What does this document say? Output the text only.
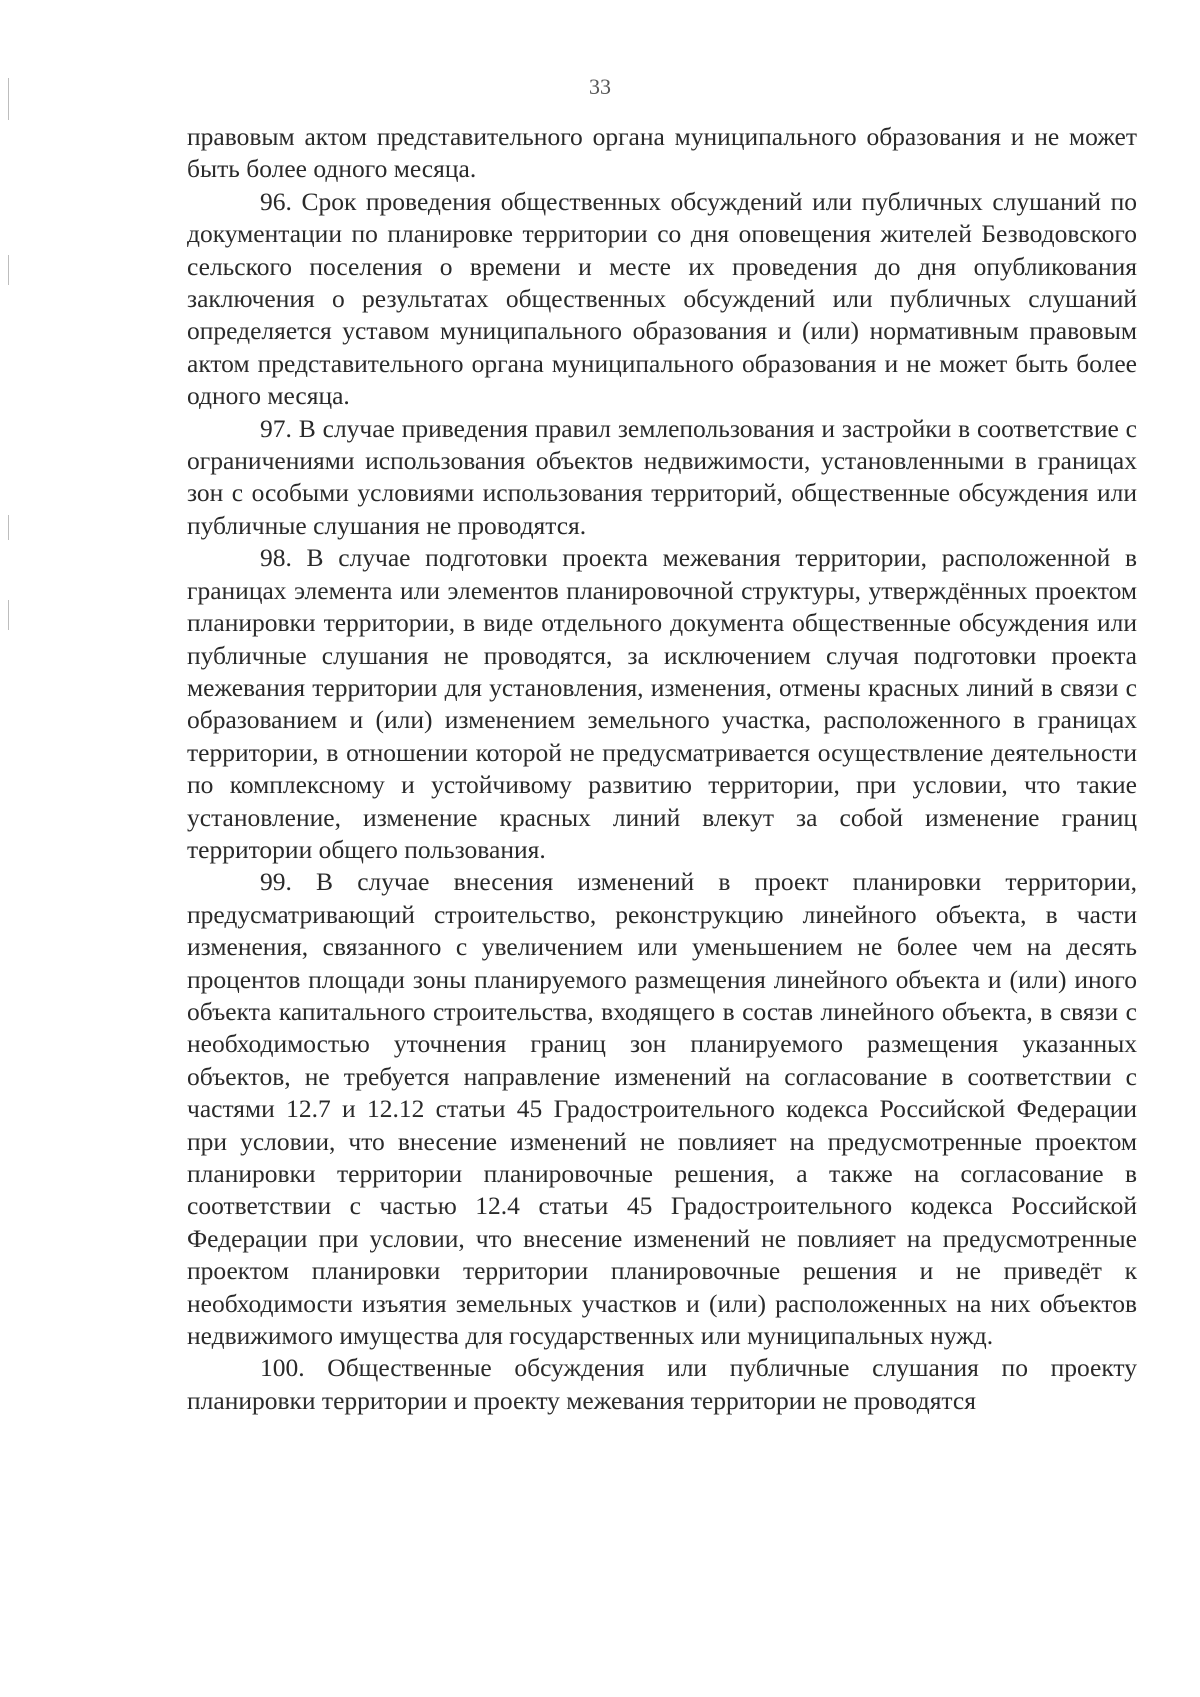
33

правовым актом представительного органа муниципального образования и не может быть более одного месяца.

96. Срок проведения общественных обсуждений или публичных слушаний по документации по планировке территории со дня оповещения жителей Безводовского сельского поселения о времени и месте их проведения до дня опубликования заключения о результатах общественных обсуждений или публичных слушаний определяется уставом муниципального образования и (или) нормативным правовым актом представительного органа муниципального образования и не может быть более одного месяца.

97. В случае приведения правил землепользования и застройки в соответствие с ограничениями использования объектов недвижимости, установленными в границах зон с особыми условиями использования территорий, общественные обсуждения или публичные слушания не проводятся.

98. В случае подготовки проекта межевания территории, расположенной в границах элемента или элементов планировочной структуры, утверждённых проектом планировки территории, в виде отдельного документа общественные обсуждения или публичные слушания не проводятся, за исключением случая подготовки проекта межевания территории для установления, изменения, отмены красных линий в связи с образованием и (или) изменением земельного участка, расположенного в границах территории, в отношении которой не предусматривается осуществление деятельности по комплексному и устойчивому развитию территории, при условии, что такие установление, изменение красных линий влекут за собой изменение границ территории общего пользования.

99. В случае внесения изменений в проект планировки территории, предусматривающий строительство, реконструкцию линейного объекта, в части изменения, связанного с увеличением или уменьшением не более чем на десять процентов площади зоны планируемого размещения линейного объекта и (или) иного объекта капитального строительства, входящего в состав линейного объекта, в связи с необходимостью уточнения границ зон планируемого размещения указанных объектов, не требуется направление изменений на согласование в соответствии с частями 12.7 и 12.12 статьи 45 Градостроительного кодекса Российской Федерации при условии, что внесение изменений не повлияет на предусмотренные проектом планировки территории планировочные решения, а также на согласование в соответствии с частью 12.4 статьи 45 Градостроительного кодекса Российской Федерации при условии, что внесение изменений не повлияет на предусмотренные проектом планировки территории планировочные решения и не приведёт к необходимости изъятия земельных участков и (или) расположенных на них объектов недвижимого имущества для государственных или муниципальных нужд.

100. Общественные обсуждения или публичные слушания по проекту планировки территории и проекту межевания территории не проводятся
